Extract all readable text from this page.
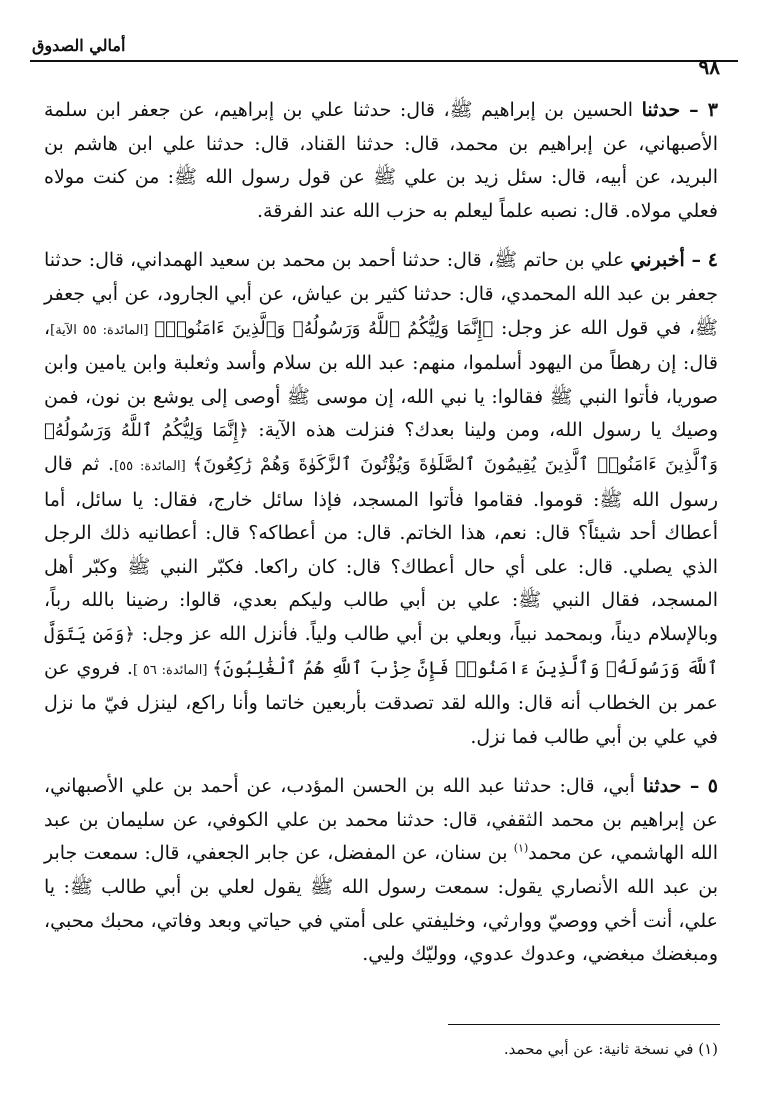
أمالي الصدوق
٩٨

٣ – حدثنا الحسين بن إبراهيم ﷺ، قال: حدثنا علي بن إبراهيم، عن جعفر ابن سلمة الأصبهاني، عن إبراهيم بن محمد، قال: حدثنا القناد، قال: حدثنا علي ابن هاشم بن البريد، عن أبيه، قال: سئل زيد بن علي ﷺ عن قول رسول الله ﷺ: من كنت مولاه فعلي مولاه. قال: نصبه علماً ليعلم به حزب الله عند الفرقة.

٤ – أخبرني علي بن حاتم ﷺ، قال: حدثنا أحمد بن محمد بن سعيد الهمداني، قال: حدثنا جعفر بن عبد الله المحمدي، قال: حدثنا كثير بن عياش، عن أبي الجارود، عن أبي جعفر ﷺ، في قول الله عز وجل: ﴿إِنَّمَا وَلِيُّكُمُ ٱللَّهُ وَرَسُولُهُۥ وَٱلَّذِينَ ءَامَنُوا۟﴾ [المائدة: ٥٥ الآية]، قال: إن رهطاً من اليهود أسلموا، منهم: عبد الله بن سلام وأسد وثعلبة وابن يامين وابن صوريا، فأتوا النبي ﷺ فقالوا: يا نبي الله، إن موسى ﷺ أوصى إلى يوشع بن نون، فمن وصيك يا رسول الله، ومن ولينا بعدك؟ فنزلت هذه الآية: ﴿إِنَّمَا وَلِيُّكُمُ ٱللَّهُ وَرَسُولُهُۥ وَٱلَّذِينَ ءَامَنُوا۟ ٱلَّذِينَ يُقِيمُونَ ٱلصَّلَوٰةَ وَيُؤْتُونَ ٱلزَّكَوٰةَ وَهُمْ رَٰكِعُونَ﴾ [المائدة: ٥٥]. ثم قال رسول الله ﷺ: قوموا. فقاموا فأتوا المسجد، فإذا سائل خارج، فقال: يا سائل، أما أعطاك أحد شيئاً؟ قال: نعم، هذا الخاتم. قال: من أعطاكه؟ قال: أعطانيه ذلك الرجل الذي يصلي. قال: على أي حال أعطاك؟ قال: كان راكعا. فكبّر النبي ﷺ وكبّر أهل المسجد، فقال النبي ﷺ: علي بن أبي طالب وليكم بعدي، قالوا: رضينا بالله رباً، وبالإسلام ديناً، وبمحمد نبياً، وبعلي بن أبي طالب ولياً. فأنزل الله عز وجل: ﴿وَمَن يَتَوَلَّ ٱللَّهَ وَرَسُولَهُۥ وَٱلَّذِينَ ءَامَنُوا۟ فَإِنَّ حِزْبَ ٱللَّهِ هُمُ ٱلْغَٰلِبُونَ﴾ [المائدة: ٥٦ ]. فروي عن عمر بن الخطاب أنه قال: والله لقد تصدقت بأربعين خاتما وأنا راكع، لينزل فيّ ما نزل في علي بن أبي طالب فما نزل.

٥ – حدثنا أبي، قال: حدثنا عبد الله بن الحسن المؤدب، عن أحمد بن علي الأصبهاني، عن إبراهيم بن محمد الثقفي، قال: حدثنا محمد بن علي الكوفي، عن سليمان بن عبد الله الهاشمي، عن محمد$^{(١)}$ بن سنان، عن المفضل، عن جابر الجعفي، قال: سمعت جابر بن عبد الله الأنصاري يقول: سمعت رسول الله ﷺ يقول لعلي بن أبي طالب ﷺ: يا علي، أنت أخي ووصيّ ووارثي، وخليفتي على أمتي في حياتي وبعد وفاتي، محبك محبي، ومبغضك مبغضي، وعدوك عدوي، ووليّك وليي.

(١) في نسخة ثانية: عن أبي محمد.
